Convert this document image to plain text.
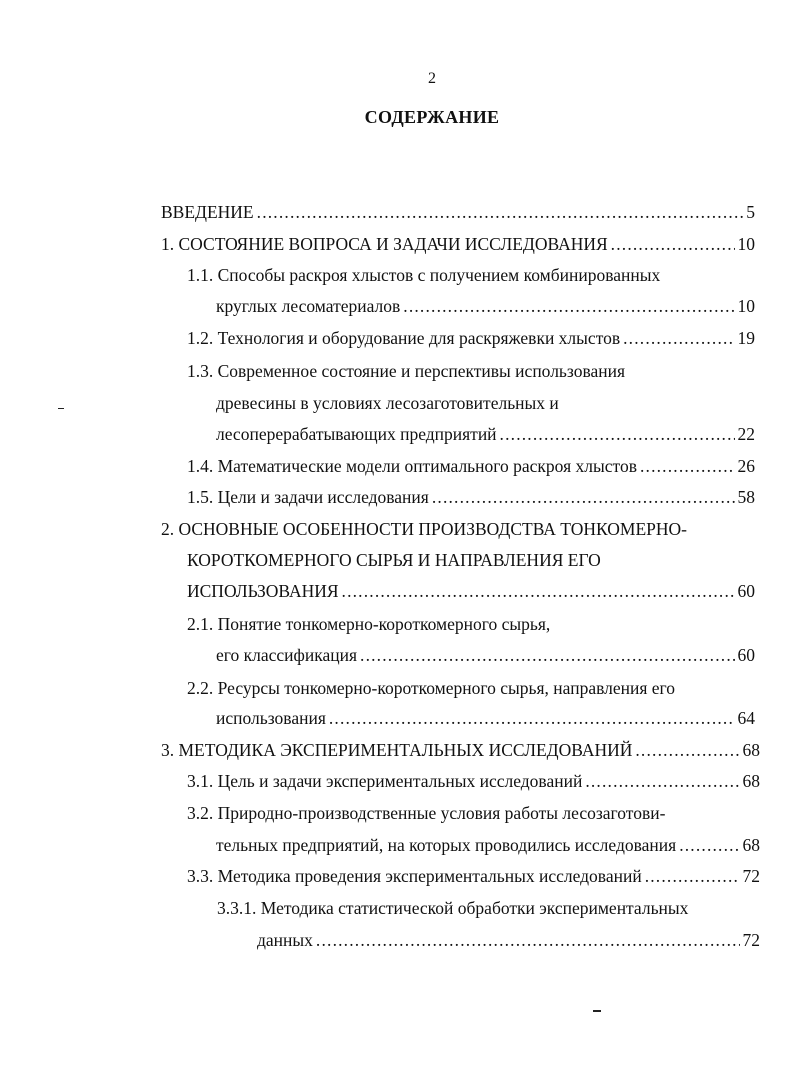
2
СОДЕРЖАНИЕ
ВВЕДЕНИЕ . . .	5
1. СОСТОЯНИЕ ВОПРОСА И ЗАДАЧИ ИССЛЕДОВАНИЯ . . .	10
1.1. Способы раскроя хлыстов с получением комбинированных
круглых лесоматериалов . . .	10
1.2. Технология и оборудование для раскряжевки хлыстов . . .	19
1.3. Современное состояние и перспективы использования
древесины в условиях лесозаготовительных и
лесоперерабатывающих предприятий . . .	22
1.4. Математические модели оптимального раскроя хлыстов . . .	26
1.5. Цели и задачи исследования . . .	58
2. ОСНОВНЫЕ ОСОБЕННОСТИ ПРОИЗВОДСТВА ТОНКОМЕРНО-
КОРОТКОМЕРНОГО СЫРЬЯ И НАПРАВЛЕНИЯ ЕГО
ИСПОЛЬЗОВАНИЯ . . .	60
2.1. Понятие тонкомерно-короткомерного сырья,
его классификация . . .	60
2.2. Ресурсы тонкомерно-короткомерного сырья, направления его
использования . . .	64
3. МЕТОДИКА ЭКСПЕРИМЕНТАЛЬНЫХ ИССЛЕДОВАНИЙ . . .	68
3.1. Цель и задачи экспериментальных исследований . . .	68
3.2. Природно-производственные условия работы лесозаготови-
тельных предприятий, на которых проводились исследования . . .	68
3.3. Методика проведения экспериментальных исследований . . .	72
3.3.1. Методика статистической обработки экспериментальных
данных . . .	72
